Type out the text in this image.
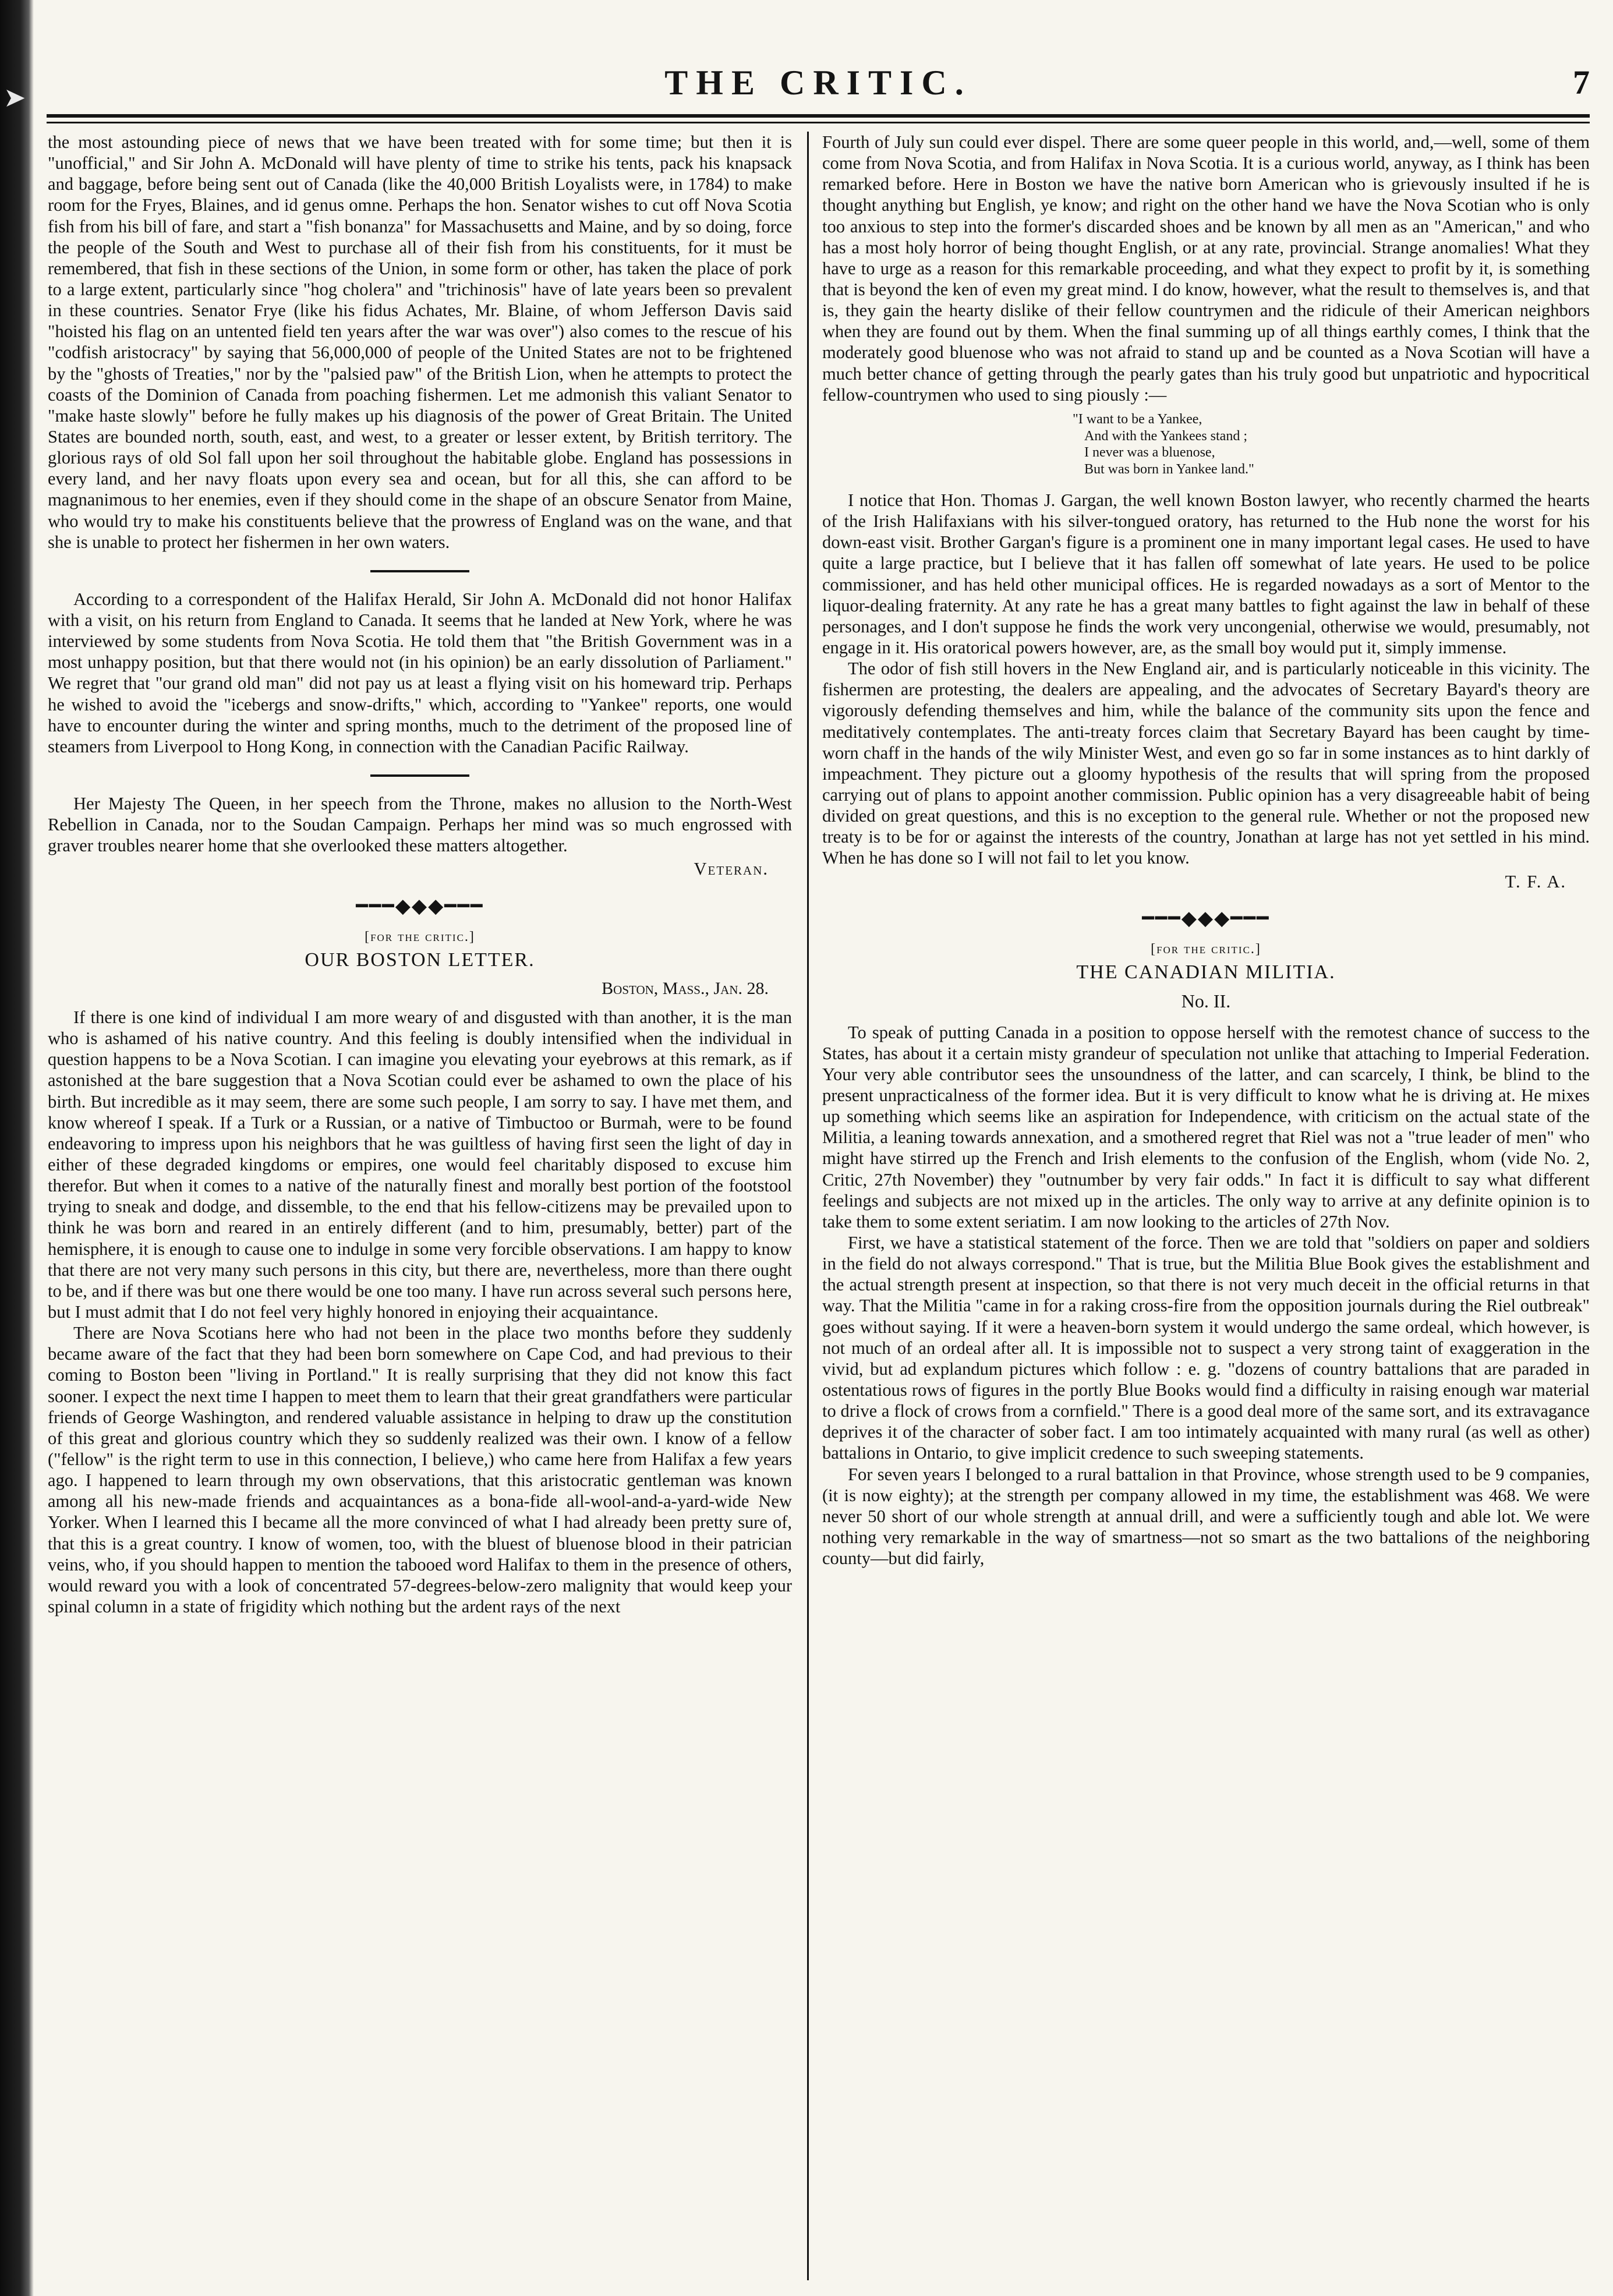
➤	THE CRITIC.	7

the most astounding piece of news that we have been treated with for some time; but then it is "unofficial," and Sir John A. McDonald will have plenty of time to strike his tents, pack his knapsack and baggage, before being sent out of Canada (like the 40,000 British Loyalists were, in 1784) to make room for the Fryes, Blaines, and id genus omne. Perhaps the hon. Senator wishes to cut off Nova Scotia fish from his bill of fare, and start a "fish bonanza" for Massachusetts and Maine, and by so doing, force the people of the South and West to purchase all of their fish from his constituents, for it must be remembered, that fish in these sections of the Union, in some form or other, has taken the place of pork to a large extent, particularly since "hog cholera" and "trichinosis" have of late years been so prevalent in these countries. Senator Frye (like his fidus Achates, Mr. Blaine, of whom Jefferson Davis said "hoisted his flag on an untented field ten years after the war was over") also comes to the rescue of his "codfish aristocracy" by saying that 56,000,000 of people of the United States are not to be frightened by the "ghosts of Treaties," nor by the "palsied paw" of the British Lion, when he attempts to protect the coasts of the Dominion of Canada from poaching fishermen. Let me admonish this valiant Senator to "make haste slowly" before he fully makes up his diagnosis of the power of Great Britain. The United States are bounded north, south, east, and west, to a greater or lesser extent, by British territory. The glorious rays of old Sol fall upon her soil throughout the habitable globe. England has possessions in every land, and her navy floats upon every sea and ocean, but for all this, she can afford to be magnanimous to her enemies, even if they should come in the shape of an obscure Senator from Maine, who would try to make his constituents believe that the prowress of England was on the wane, and that she is unable to protect her fishermen in her own waters.

According to a correspondent of the Halifax Herald, Sir John A. McDonald did not honor Halifax with a visit, on his return from England to Canada. It seems that he landed at New York, where he was interviewed by some students from Nova Scotia. He told them that "the British Government was in a most unhappy position, but that there would not (in his opinion) be an early dissolution of Parliament." We regret that "our grand old man" did not pay us at least a flying visit on his homeward trip. Perhaps he wished to avoid the "icebergs and snow-drifts," which, according to "Yankee" reports, one would have to encounter during the winter and spring months, much to the detriment of the proposed line of steamers from Liverpool to Hong Kong, in connection with the Canadian Pacific Railway.

Her Majesty The Queen, in her speech from the Throne, makes no allusion to the North-West Rebellion in Canada, nor to the Soudan Campaign. Perhaps her mind was so much engrossed with graver troubles nearer home that she overlooked these matters altogether.

Veteran.
━━━◆◆◆━━━
[for the critic.]
OUR BOSTON LETTER.
Boston, Mass., Jan. 28.

If there is one kind of individual I am more weary of and disgusted with than another, it is the man who is ashamed of his native country. And this feeling is doubly intensified when the individual in question happens to be a Nova Scotian. I can imagine you elevating your eyebrows at this remark, as if astonished at the bare suggestion that a Nova Scotian could ever be ashamed to own the place of his birth. But incredible as it may seem, there are some such people, I am sorry to say. I have met them, and know whereof I speak. If a Turk or a Russian, or a native of Timbuctoo or Burmah, were to be found endeavoring to impress upon his neighbors that he was guiltless of having first seen the light of day in either of these degraded kingdoms or empires, one would feel charitably disposed to excuse him therefor. But when it comes to a native of the naturally finest and morally best portion of the footstool trying to sneak and dodge, and dissemble, to the end that his fellow-citizens may be prevailed upon to think he was born and reared in an entirely different (and to him, presumably, better) part of the hemisphere, it is enough to cause one to indulge in some very forcible observations. I am happy to know that there are not very many such persons in this city, but there are, nevertheless, more than there ought to be, and if there was but one there would be one too many. I have run across several such persons here, but I must admit that I do not feel very highly honored in enjoying their acquaintance.

There are Nova Scotians here who had not been in the place two months before they suddenly became aware of the fact that they had been born somewhere on Cape Cod, and had previous to their coming to Boston been "living in Portland." It is really surprising that they did not know this fact sooner. I expect the next time I happen to meet them to learn that their great grandfathers were particular friends of George Washington, and rendered valuable assistance in helping to draw up the constitution of this great and glorious country which they so suddenly realized was their own. I know of a fellow ("fellow" is the right term to use in this connection, I believe,) who came here from Halifax a few years ago. I happened to learn through my own observations, that this aristocratic gentleman was known among all his new-made friends and acquaintances as a bona-fide all-wool-and-a-yard-wide New Yorker. When I learned this I became all the more convinced of what I had already been pretty sure of, that this is a great country. I know of women, too, with the bluest of bluenose blood in their patrician veins, who, if you should happen to mention the tabooed word Halifax to them in the presence of others, would reward you with a look of concentrated 57-degrees-below-zero malignity that would keep your spinal column in a state of frigidity which nothing but the ardent rays of the next

Fourth of July sun could ever dispel. There are some queer people in this world, and,—well, some of them come from Nova Scotia, and from Halifax in Nova Scotia. It is a curious world, anyway, as I think has been remarked before. Here in Boston we have the native born American who is grievously insulted if he is thought anything but English, ye know; and right on the other hand we have the Nova Scotian who is only too anxious to step into the former's discarded shoes and be known by all men as an "American," and who has a most holy horror of being thought English, or at any rate, provincial. Strange anomalies! What they have to urge as a reason for this remarkable proceeding, and what they expect to profit by it, is something that is beyond the ken of even my great mind. I do know, however, what the result to themselves is, and that is, they gain the hearty dislike of their fellow countrymen and the ridicule of their American neighbors when they are found out by them. When the final summing up of all things earthly comes, I think that the moderately good bluenose who was not afraid to stand up and be counted as a Nova Scotian will have a much better chance of getting through the pearly gates than his truly good but unpatriotic and hypocritical fellow-countrymen who used to sing piously :—

"I want to be a Yankee,
And with the Yankees stand ;
I never was a bluenose,
But was born in Yankee land."

I notice that Hon. Thomas J. Gargan, the well known Boston lawyer, who recently charmed the hearts of the Irish Halifaxians with his silver-tongued oratory, has returned to the Hub none the worst for his down-east visit. Brother Gargan's figure is a prominent one in many important legal cases. He used to have quite a large practice, but I believe that it has fallen off somewhat of late years. He used to be police commissioner, and has held other municipal offices. He is regarded nowadays as a sort of Mentor to the liquor-dealing fraternity. At any rate he has a great many battles to fight against the law in behalf of these personages, and I don't suppose he finds the work very uncongenial, otherwise we would, presumably, not engage in it. His oratorical powers however, are, as the small boy would put it, simply immense.

The odor of fish still hovers in the New England air, and is particularly noticeable in this vicinity. The fishermen are protesting, the dealers are appealing, and the advocates of Secretary Bayard's theory are vigorously defending themselves and him, while the balance of the community sits upon the fence and meditatively contemplates. The anti-treaty forces claim that Secretary Bayard has been caught by time-worn chaff in the hands of the wily Minister West, and even go so far in some instances as to hint darkly of impeachment. They picture out a gloomy hypothesis of the results that will spring from the proposed carrying out of plans to appoint another commission. Public opinion has a very disagreeable habit of being divided on great questions, and this is no exception to the general rule. Whether or not the proposed new treaty is to be for or against the interests of the country, Jonathan at large has not yet settled in his mind. When he has done so I will not fail to let you know.

T. F. A.
━━━◆◆◆━━━
[for the critic.]
THE CANADIAN MILITIA.
No. II.

To speak of putting Canada in a position to oppose herself with the remotest chance of success to the States, has about it a certain misty grandeur of speculation not unlike that attaching to Imperial Federation. Your very able contributor sees the unsoundness of the latter, and can scarcely, I think, be blind to the present unpracticalness of the former idea. But it is very difficult to know what he is driving at. He mixes up something which seems like an aspiration for Independence, with criticism on the actual state of the Militia, a leaning towards annexation, and a smothered regret that Riel was not a "true leader of men" who might have stirred up the French and Irish elements to the confusion of the English, whom (vide No. 2, Critic, 27th November) they "outnumber by very fair odds." In fact it is difficult to say what different feelings and subjects are not mixed up in the articles. The only way to arrive at any definite opinion is to take them to some extent seriatim. I am now looking to the articles of 27th Nov.

First, we have a statistical statement of the force. Then we are told that "soldiers on paper and soldiers in the field do not always correspond." That is true, but the Militia Blue Book gives the establishment and the actual strength present at inspection, so that there is not very much deceit in the official returns in that way. That the Militia "came in for a raking cross-fire from the opposition journals during the Riel outbreak" goes without saying. If it were a heaven-born system it would undergo the same ordeal, which however, is not much of an ordeal after all. It is impossible not to suspect a very strong taint of exaggeration in the vivid, but ad explandum pictures which follow : e. g. "dozens of country battalions that are paraded in ostentatious rows of figures in the portly Blue Books would find a difficulty in raising enough war material to drive a flock of crows from a cornfield." There is a good deal more of the same sort, and its extravagance deprives it of the character of sober fact. I am too intimately acquainted with many rural (as well as other) battalions in Ontario, to give implicit credence to such sweeping statements.

For seven years I belonged to a rural battalion in that Province, whose strength used to be 9 companies, (it is now eighty); at the strength per company allowed in my time, the establishment was 468. We were never 50 short of our whole strength at annual drill, and were a sufficiently tough and able lot. We were nothing very remarkable in the way of smartness—not so smart as the two battalions of the neighboring county—but did fairly,
